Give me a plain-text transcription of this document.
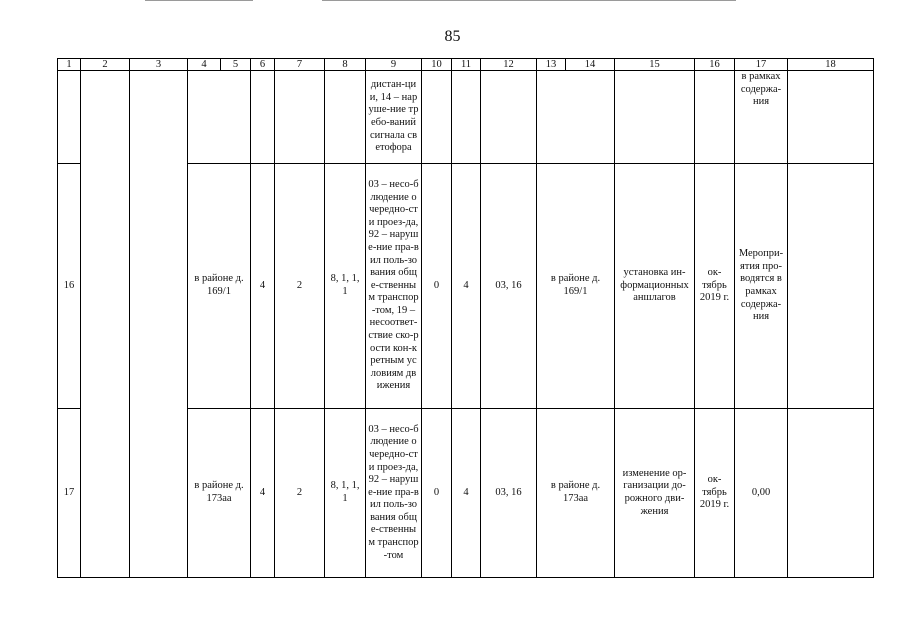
85
1	2	3	4	5	6	7	8	9	10	11	12	13	14	15	16	17	18
								дистан-ции, 14 – наруше-ние требо-ваний сигнала светофора								в рамках содержа-ния	
16			в районе д. 169/1		4	2	8, 1, 1, 1	03 – несо-блюдение очередно-сти проез-да, 92 – наруше-ние пра-вил поль-зования обще-ственным транспор-том, 19 – несоответ-ствие ско-рости кон-кретным условиям движения	0	4	03, 16	в районе д. 169/1		установка ин-формационных аншлагов	ок-тябрь 2019 г.	Меропри-ятия про-водятся в рамках содержа-ния	
17			в районе д. 173аа		4	2	8, 1, 1, 1	03 – несо-блюдение очередно-сти проез-да, 92 – наруше-ние пра-вил поль-зования обще-ственным транспор-том	0	4	03, 16	в районе д. 173аа		изменение ор-ганизации до-рожного дви-жения	ок-тябрь 2019 г.	0,00	
